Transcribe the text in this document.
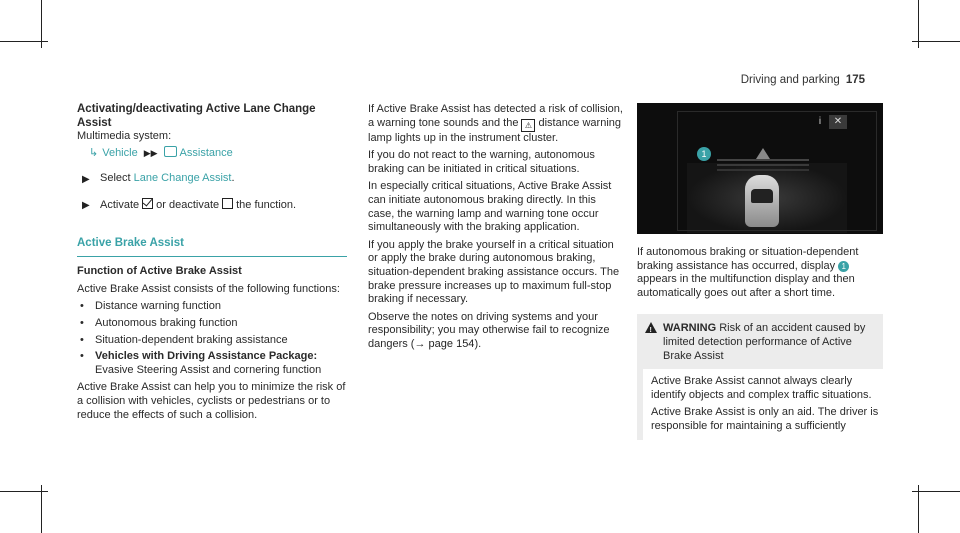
Driving and parking 175

Activating/deactivating Active Lane Change Assist

Multimedia system:

↳ Vehicle ▶▶ Assistance
▶ Select Lane Change Assist.
▶ Activate or deactivate the function.
Active Brake Assist

Function of Active Brake Assist

Active Brake Assist consists of the following functions:

• Distance warning function
• Autonomous braking function
• Situation-dependent braking assistance
• Vehicles with Driving Assistance Package: Evasive Steering Assist and cornering function

Active Brake Assist can help you to minimize the risk of a collision with vehicles, cyclists or pedestrians or to reduce the effects of such a collision.

If Active Brake Assist has detected a risk of collision, a warning tone sounds and the ⚠ distance warning lamp lights up in the instrument cluster.

If you do not react to the warning, autonomous braking can be initiated in critical situations.

In especially critical situations, Active Brake Assist can initiate autonomous braking directly. In this case, the warning lamp and warning tone occur simultaneously with the braking application.

If you apply the brake yourself in a critical situation or apply the brake during autonomous braking, situation-dependent braking assistance occurs. The brake pressure increases up to maximum full-stop braking if necessary.

Observe the notes on driving systems and your responsibility; you may otherwise fail to recognize dangers (→ page 154).

i	✕
1

If autonomous braking or situation-dependent braking assistance has occurred, display 1 appears in the multifunction display and then automatically goes out after a short time.

!
WARNING Risk of an accident caused by limited detection performance of Active Brake Assist

Active Brake Assist cannot always clearly identify objects and complex traffic situations.

Active Brake Assist is only an aid. The driver is responsible for maintaining a sufficiently
